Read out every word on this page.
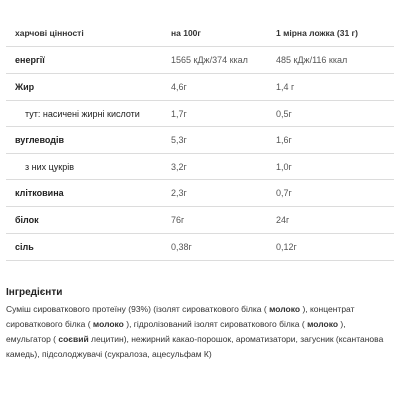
харчові цінності	на 100г	1 мірна ложка (31 г)
енергії	1565 кДж/374 ккал	485 кДж/116 ккал
Жир	4,6г	1,4 г
тут: насичені жирні кислоти	1,7г	0,5г
вуглеводів	5,3г	1,6г
з них цукрів	3,2г	1,0г
клітковина	2,3г	0,7г
білок	76г	24г
сіль	0,38г	0,12г
Інгредієнти
Суміш сироваткового протеїну (93%) (ізолят сироваткового білка ( молоко ), концентрат сироваткового білка ( молоко ), гідролізований ізолят сироваткового білка ( молоко ), емульгатор ( соєвий лецитин), нежирний какао-порошок, ароматизатори, загусник (ксантанова камедь), підсолоджувачі (сукралоза, ацесульфам К)
